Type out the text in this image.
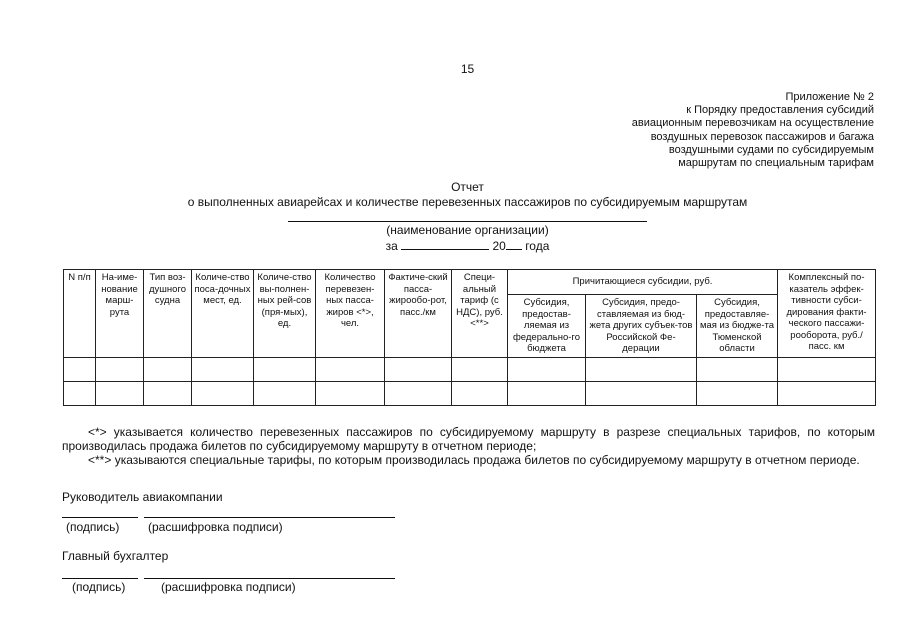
15
Приложение № 2
к Порядку предоставления субсидий
авиационным перевозчикам на осуществление
воздушных перевозок пассажиров и багажа
воздушными судами по субсидируемым
маршрутам по специальным тарифам
Отчет
о выполненных авиарейсах и количестве перевезенных пассажиров по субсидируемым маршрутам
(наименование организации)
за	20 года
N п/п	На-име-нование марш-рута	Тип воз-душного судна	Количе-ство поса-дочных мест, ед.	Количе-ство вы-полнен-ных рей-сов (пря-мых), ед.	Количество перевезен-ных пасса-жиров <*>, чел.	Фактиче-ский пасса-жирообо-рот, пасс./км	Специ-альный тариф (с НДС), руб. <**>	Причитающиеся субсидии, руб.			Комплексный по-казатель эффек-тивности субси-дирования факти-ческого пассажи-рооборота, руб./пасс. км
								Субсидия, предостав-ляемая из федерально-го бюджета	Субсидия, предо-ставляемая из бюд-жета других субъек-тов Российской Фе-дерации	Субсидия, предоставляе-мая из бюдже-та Тюменской области	

<*> указывается количество перевезенных пассажиров по субсидируемому маршруту в разрезе специальных тарифов, по которым производилась продажа билетов по субсидируемому маршруту в отчетном периоде;

<**> указываются специальные тарифы, по которым производилась продажа билетов по субсидируемому маршруту в отчетном периоде.

Руководитель авиакомпании
(подпись) (расшифровка подписи)
Главный бухгалтер
(подпись)	(расшифровка подписи)
